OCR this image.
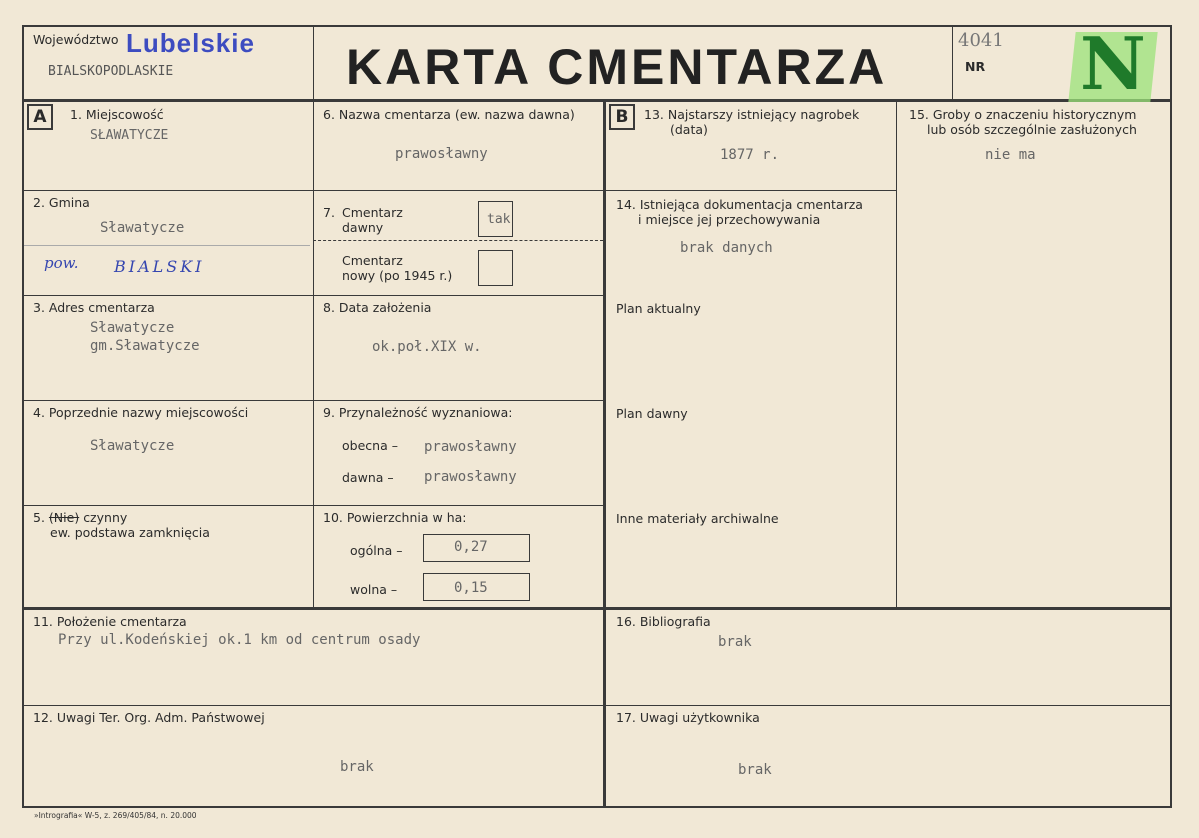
Województwo Lubelskie
BIALSKOPODLASKIE	KARTA CMENTARZA	4041
NR N
A	B
1. Miejscowość
SŁAWATYCZE
2. Gmina
Sławatycze
pow. BIALSKI
3. Adres cmentarza
Sławatycze
gm.Sławatycze
4. Poprzednie nazwy miejscowości
Sławatycze
5. (Nie) czynny
ew. podstawa zamknięcia
6. Nazwa cmentarza (ew. nazwa dawna)
prawosławny
7. Cmentarz
dawny
tak
Cmentarz
nowy (po 1945 r.)
8. Data założenia
ok.poł.XIX w.
9. Przynależność wyznaniowa:
obecna – prawosławny
dawna – prawosławny
10. Powierzchnia w ha:
ogólna –	0,27
wolna –	0,15
11. Położenie cmentarza
Przy ul.Kodeńskiej ok.1 km od centrum osady
12. Uwagi Ter. Org. Adm. Państwowej
brak
13. Najstarszy istniejący nagrobek
(data)
1877 r.
14. Istniejąca dokumentacja cmentarza
i miejsce jej przechowywania
brak danych
Plan aktualny
Plan dawny
Inne materiały archiwalne
15. Groby o znaczeniu historycznym
lub osób szczególnie zasłużonych
nie ma
16. Bibliografia
brak
17. Uwagi użytkownika
brak
»Intrografia« W-5, z. 269/405/84, n. 20.000
